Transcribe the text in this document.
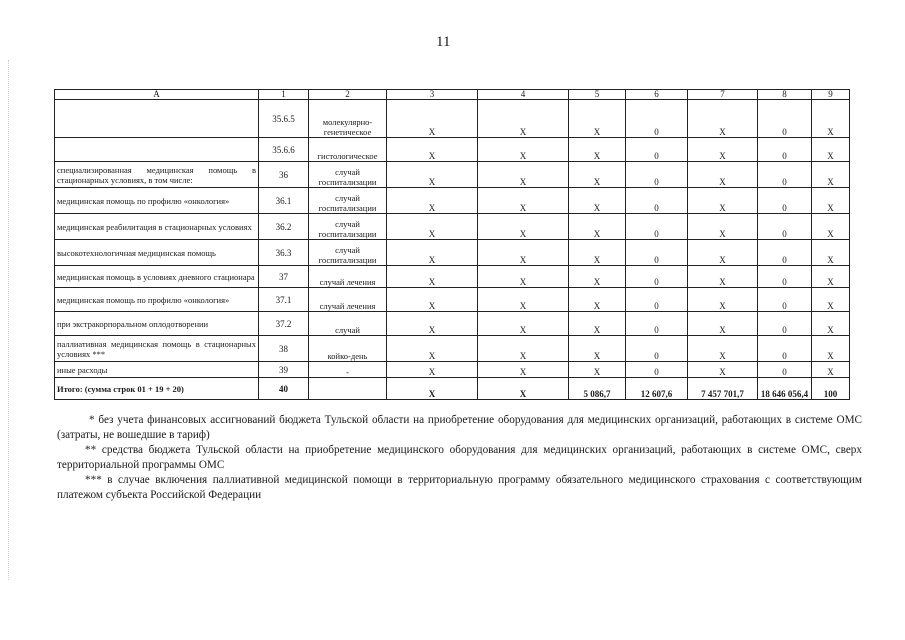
11
А	1	2	3	4	5	6	7	8	9
	35.6.5	молекулярно-генетическое	Х	Х	Х	0	Х	0	Х
	35.6.6	гистологическое	Х	Х	Х	0	Х	0	Х
специализированная медицинская помощь в стационарных условиях, в том числе:	36	случай госпитализации	Х	Х	Х	0	Х	0	Х
медицинская помощь по профилю «онкология»	36.1	случай госпитализации	Х	Х	Х	0	Х	0	Х
медицинская реабилитация в стационарных условиях	36.2	случай госпитализации	Х	Х	Х	0	Х	0	Х
высокотехнологичная медицинская помощь	36.3	случай госпитализации	Х	Х	Х	0	Х	0	Х
медицинская помощь в условиях дневного стационара	37	случай лечения	Х	Х	Х	0	Х	0	Х
медицинская помощь по профилю «онкология»	37.1	случай лечения	Х	Х	Х	0	Х	0	Х
при экстракорпоральном оплодотворении	37.2	случай	Х	Х	Х	0	Х	0	Х
паллиативная медицинская помощь в стационарных условиях ***	38	койко-день	Х	Х	Х	0	Х	0	Х
иные расходы	39	-	Х	Х	Х	0	Х	0	Х
Итого: (сумма строк 01 + 19 + 20)	40		Х	Х	5 086,7	12 607,6	7 457 701,7	18 646 056,4	100

* без учета финансовых ассигнований бюджета Тульской области на приобретение оборудования для медицинских организаций, работающих в системе ОМС (затраты, не вошедшие в тариф)

** средства бюджета Тульской области на приобретение медицинского оборудования для медицинских организаций, работающих в системе ОМС, сверх территориальной программы ОМС

*** в случае включения паллиативной медицинской помощи в территориальную программу обязательного медицинского страхования с соответствующим платежом субъекта Российской Федерации
